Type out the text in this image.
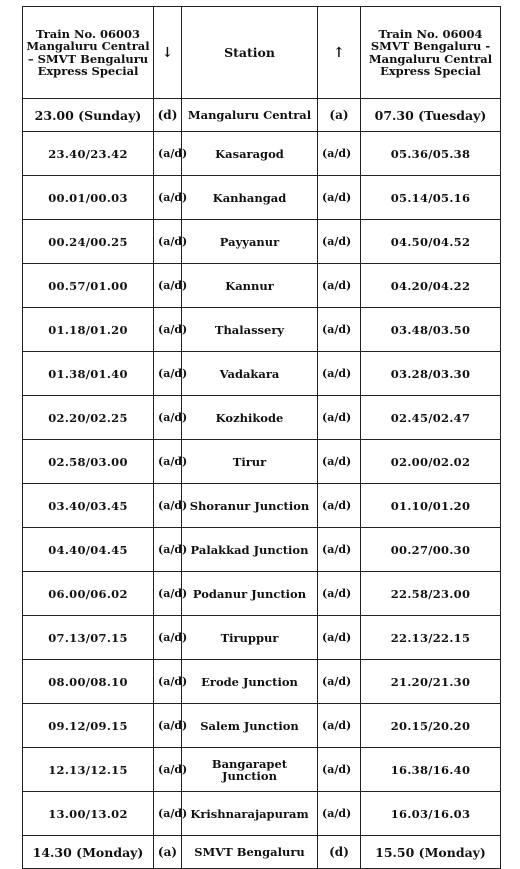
Train No. 06003 Mangaluru Central – SMVT Bengaluru Express Special	↓	Station	↑	Train No. 06004 SMVT Bengaluru - Mangaluru Central Express Special
23.00 (Sunday)	(d)	Mangaluru Central	(a)	07.30 (Tuesday)
23.40/23.42	(a/d)	Kasaragod	(a/d)	05.36/05.38
00.01/00.03	(a/d)	Kanhangad	(a/d)	05.14/05.16
00.24/00.25	(a/d)	Payyanur	(a/d)	04.50/04.52
00.57/01.00	(a/d)	Kannur	(a/d)	04.20/04.22
01.18/01.20	(a/d)	Thalassery	(a/d)	03.48/03.50
01.38/01.40	(a/d)	Vadakara	(a/d)	03.28/03.30
02.20/02.25	(a/d)	Kozhikode	(a/d)	02.45/02.47
02.58/03.00	(a/d)	Tirur	(a/d)	02.00/02.02
03.40/03.45	(a/d)	Shoranur Junction	(a/d)	01.10/01.20
04.40/04.45	(a/d)	Palakkad Junction	(a/d)	00.27/00.30
06.00/06.02	(a/d)	Podanur Junction	(a/d)	22.58/23.00
07.13/07.15	(a/d)	Tiruppur	(a/d)	22.13/22.15
08.00/08.10	(a/d)	Erode Junction	(a/d)	21.20/21.30
09.12/09.15	(a/d)	Salem Junction	(a/d)	20.15/20.20
12.13/12.15	(a/d)	Bangarapet Junction	(a/d)	16.38/16.40
13.00/13.02	(a/d)	Krishnarajapuram	(a/d)	16.03/16.03
14.30 (Monday)	(a)	SMVT Bengaluru	(d)	15.50 (Monday)
